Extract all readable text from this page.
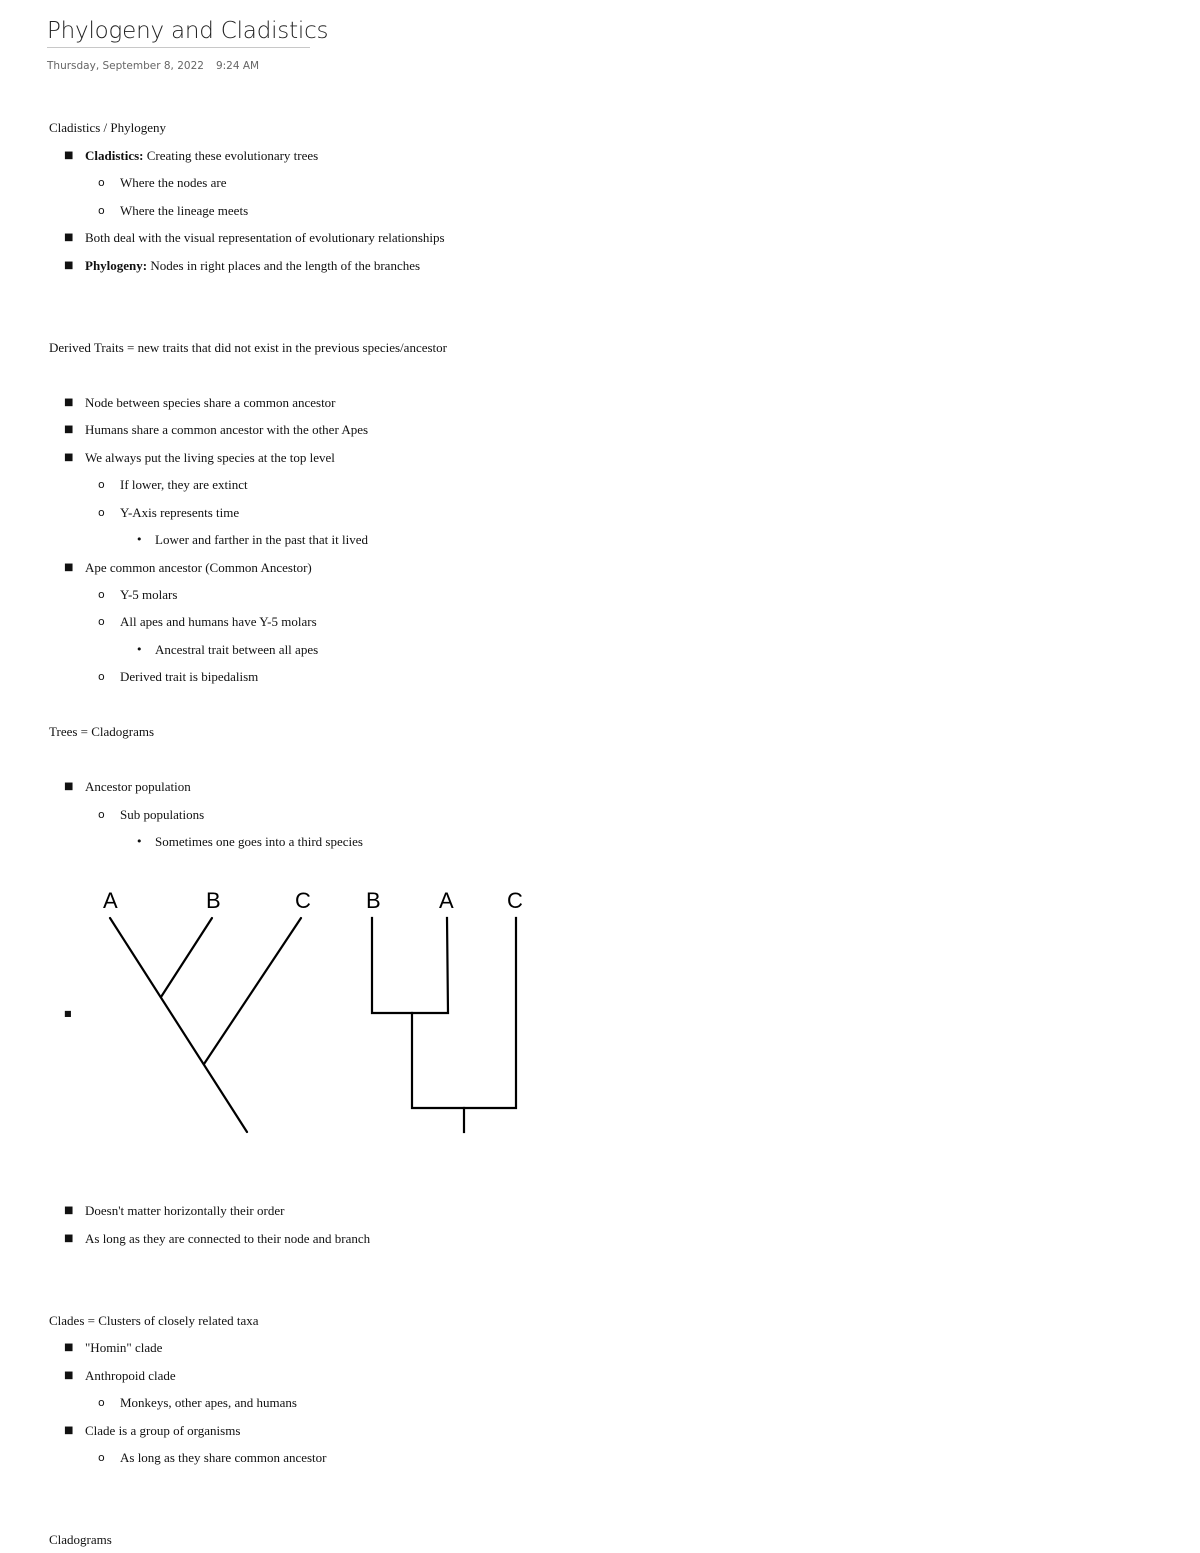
Phylogeny and Cladistics
Thursday, September 8, 2022 9:24 AM
Cladistics / Phylogeny
■ Cladistics: Creating these evolutionary trees
o Where the nodes are
o Where the lineage meets
■ Both deal with the visual representation of evolutionary relationships
■ Phylogeny: Nodes in right places and the length of the branches
Derived Traits = new traits that did not exist in the previous species/ancestor
■ Node between species share a common ancestor
■ Humans share a common ancestor with the other Apes
■ We always put the living species at the top level
o If lower, they are extinct
o Y-Axis represents time
• Lower and farther in the past that it lived
■ Ape common ancestor (Common Ancestor)
o Y-5 molars
o All apes and humans have Y-5 molars
• Ancestral trait between all apes
o Derived trait is bipedalism
Trees = Cladograms
■ Ancestor population
o Sub populations
• Sometimes one goes into a third species
■
A	B	C	B	A C
■ Doesn't matter horizontally their order
■ As long as they are connected to their node and branch
Clades = Clusters of closely related taxa
■ "Homin" clade
■ Anthropoid clade
o Monkeys, other apes, and humans
■ Clade is a group of organisms
o As long as they share common ancestor
Cladograms
